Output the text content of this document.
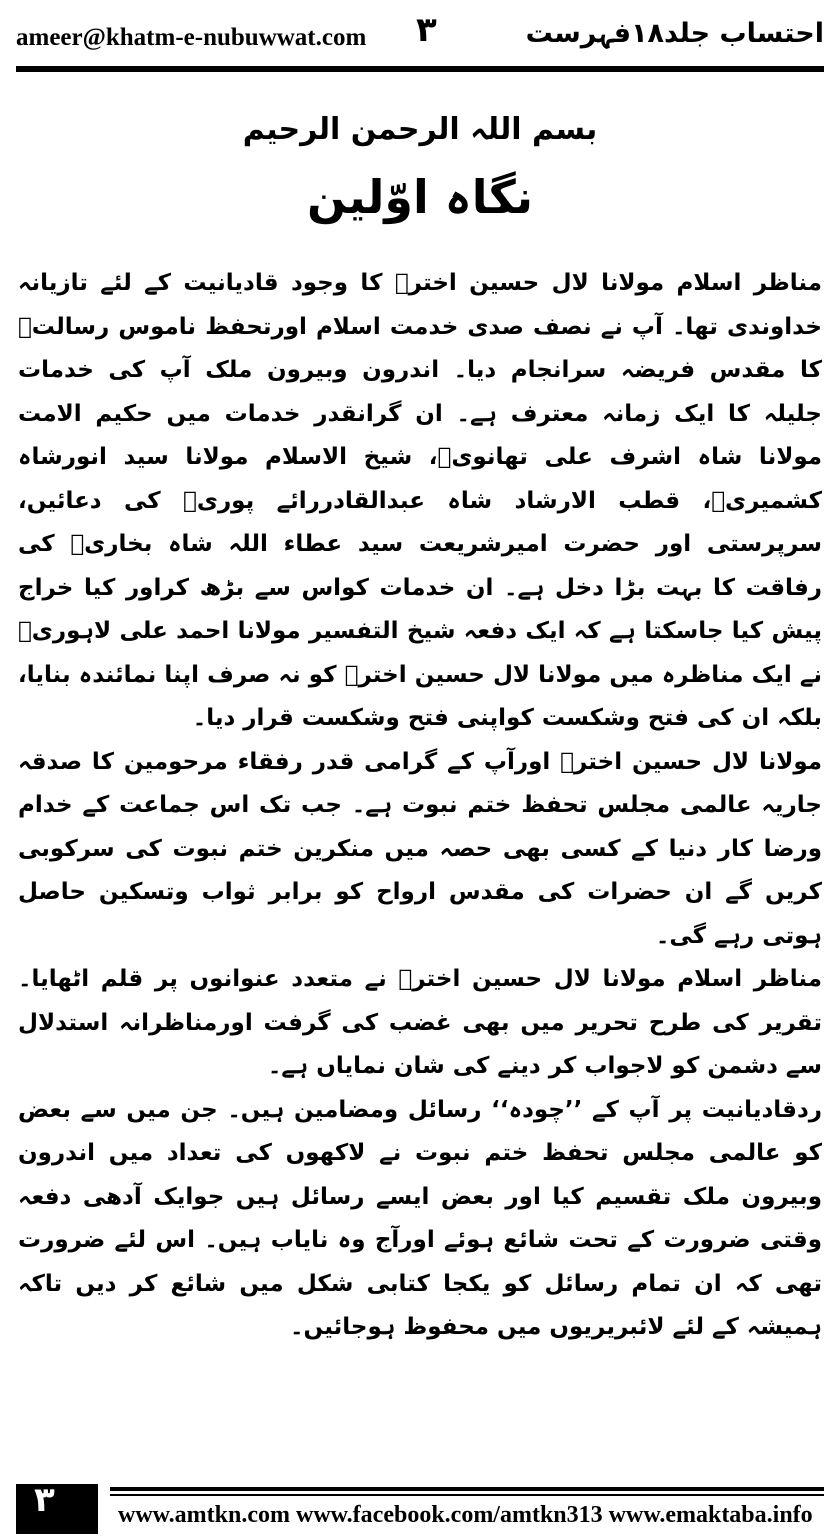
ameer@khatm-e-nubuwwat.com ۳	احتساب جلد۱۸فہرست
بسم اللہ الرحمن الرحیم
نگاہ اوّلین

مناظر اسلام مولانا لال حسین اخترؒ کا وجود قادیانیت کے لئے تازیانہ خداوندی تھا۔ آپ نے نصف صدی خدمت اسلام اورتحفظ ناموس رسالتﷺ کا مقدس فریضہ سرانجام دیا۔ اندرون وبیرون ملک آپ کی خدمات جلیلہ کا ایک زمانہ معترف ہے۔ ان گرانقدر خدمات میں حکیم الامت مولانا شاہ اشرف علی تھانویؒ، شیخ الاسلام مولانا سید انورشاہ کشمیریؒ، قطب الارشاد شاہ عبدالقادررائے پوریؒ کی دعائیں، سرپرستی اور حضرت امیرشریعت سید عطاء اللہ شاہ بخاریؒ کی رفاقت کا بہت بڑا دخل ہے۔ ان خدمات کواس سے بڑھ کراور کیا خراج پیش کیا جاسکتا ہے کہ ایک دفعہ شیخ التفسیر مولانا احمد علی لاہوریؒ نے ایک مناظرہ میں مولانا لال حسین اخترؒ کو نہ صرف اپنا نمائندہ بنایا، بلکہ ان کی فتح وشکست کواپنی فتح وشکست قرار دیا۔

مولانا لال حسین اخترؒ اورآپ کے گرامی قدر رفقاء مرحومین کا صدقہ جاریہ عالمی مجلس تحفظ ختم نبوت ہے۔ جب تک اس جماعت کے خدام ورضا کار دنیا کے کسی بھی حصہ میں منکرین ختم نبوت کی سرکوبی کریں گے ان حضرات کی مقدس ارواح کو برابر ثواب وتسکین حاصل ہوتی رہے گی۔

مناظر اسلام مولانا لال حسین اخترؒ نے متعدد عنوانوں پر قلم اٹھایا۔ تقریر کی طرح تحریر میں بھی غضب کی گرفت اورمناظرانہ استدلال سے دشمن کو لاجواب کر دینے کی شان نمایاں ہے۔

ردقادیانیت پر آپ کے ’’چودہ‘‘ رسائل ومضامین ہیں۔ جن میں سے بعض کو عالمی مجلس تحفظ ختم نبوت نے لاکھوں کی تعداد میں اندرون وبیرون ملک تقسیم کیا اور بعض ایسے رسائل ہیں جوایک آدھی دفعہ وقتی ضرورت کے تحت شائع ہوئے اورآج وہ نایاب ہیں۔ اس لئے ضرورت تھی کہ ان تمام رسائل کو یکجا کتابی شکل میں شائع کر دیں تاکہ ہمیشہ کے لئے لائبریریوں میں محفوظ ہوجائیں۔

۳	www.amtkn.com www.facebook.com/amtkn313 www.emaktaba.info
